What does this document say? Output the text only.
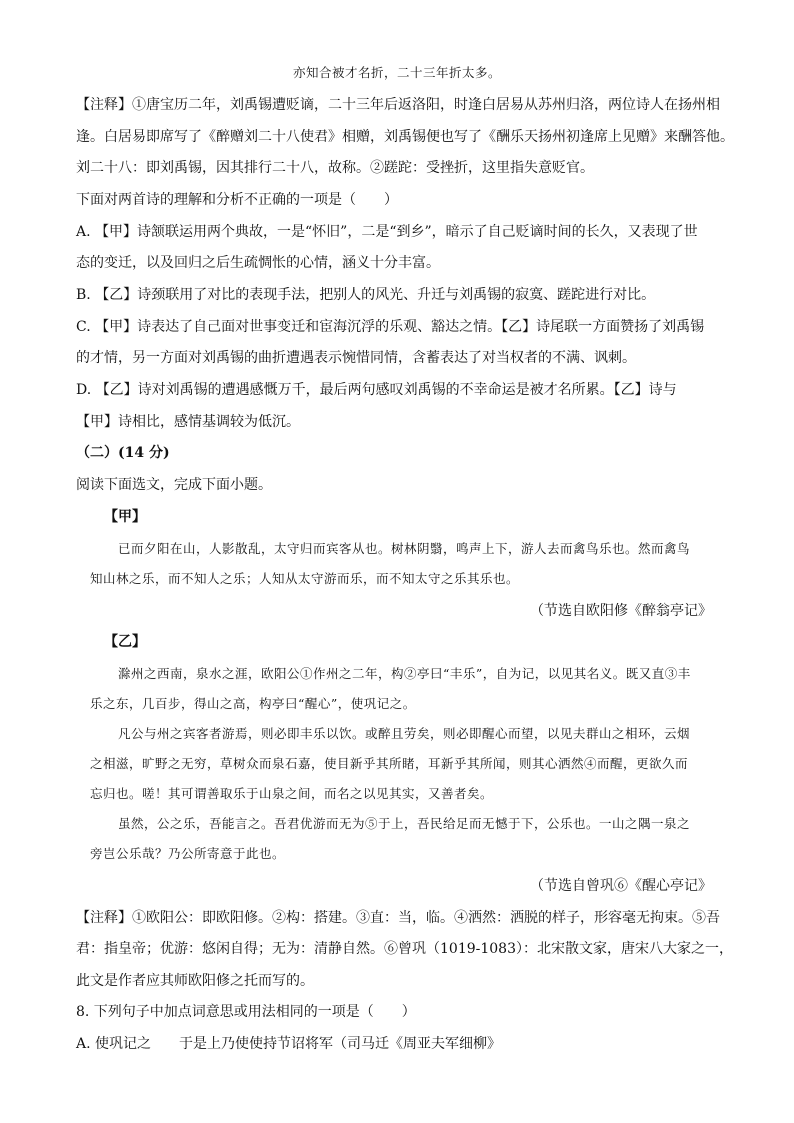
亦知合被才名折，二十三年折太多。
【注释】①唐宝历二年，刘禹锡遭贬谪，二十三年后返洛阳，时逢白居易从苏州归洛，两位诗人在扬州相
逢。白居易即席写了《醉赠刘二十八使君》相赠，刘禹锡便也写了《酬乐天扬州初逢席上见赠》来酬答他。
刘二十八：即刘禹锡，因其排行二十八，故称。②蹉跎：受挫折，这里指失意贬官。
下面对两首诗的理解和分析不正确的一项是（　　）
A. 【甲】诗颔联运用两个典故，一是“怀旧”，二是“到乡”，暗示了自己贬谪时间的长久，又表现了世
态的变迁，以及回归之后生疏惆怅的心情，涵义十分丰富。
B. 【乙】诗颈联用了对比的表现手法，把别人的风光、升迁与刘禹锡的寂寞、蹉跎进行对比。
C. 【甲】诗表达了自己面对世事变迁和宦海沉浮的乐观、豁达之情。【乙】诗尾联一方面赞扬了刘禹锡
的才情，另一方面对刘禹锡的曲折遭遇表示惋惜同情，含蓄表达了对当权者的不满、讽刺。
D. 【乙】诗对刘禹锡的遭遇感慨万千，最后两句感叹刘禹锡的不幸命运是被才名所累。【乙】诗与
【甲】诗相比，感情基调较为低沉。
（二）(14 分)
阅读下面选文，完成下面小题。
【甲】
已而夕阳在山，人影散乱，太守归而宾客从也。树林阴翳，鸣声上下，游人去而禽鸟乐也。然而禽鸟
知山林之乐，而不知人之乐；人知从太守游而乐，而不知太守之乐其乐也。
（节选自欧阳修《醉翁亭记》
【乙】
滁州之西南，泉水之涯，欧阳公①作州之二年，构②亭曰“丰乐”，自为记，以见其名义。既又直③丰
乐之东，几百步，得山之高，构亭曰“醒心”，使巩记之。
凡公与州之宾客者游焉，则必即丰乐以饮。或醉且劳矣，则必即醒心而望，以见夫群山之相环，云烟
之相滋，旷野之无穷，草树众而泉石嘉，使目新乎其所睹，耳新乎其所闻，则其心洒然④而醒，更欲久而
忘归也。嗟！其可谓善取乐于山泉之间，而名之以见其实，又善者矣。
虽然，公之乐，吾能言之。吾君优游而无为⑤于上，吾民给足而无憾于下，公乐也。一山之隅一泉之
旁岂公乐哉？乃公所寄意于此也。
（节选自曾巩⑥《醒心亭记》
【注释】①欧阳公：即欧阳修。②构：搭建。③直：当，临。④洒然：洒脱的样子，形容毫无拘束。⑤吾
君：指皇帝；优游：悠闲自得；无为：清静自然。⑥曾巩（1019-1083）：北宋散文家，唐宋八大家之一，
此文是作者应其师欧阳修之托而写的。
8. 下列句子中加点词意思或用法相同的一项是（　　）
A. 使巩记之　　于是上乃使使持节诏将军（司马迁《周亚夫军细柳》
